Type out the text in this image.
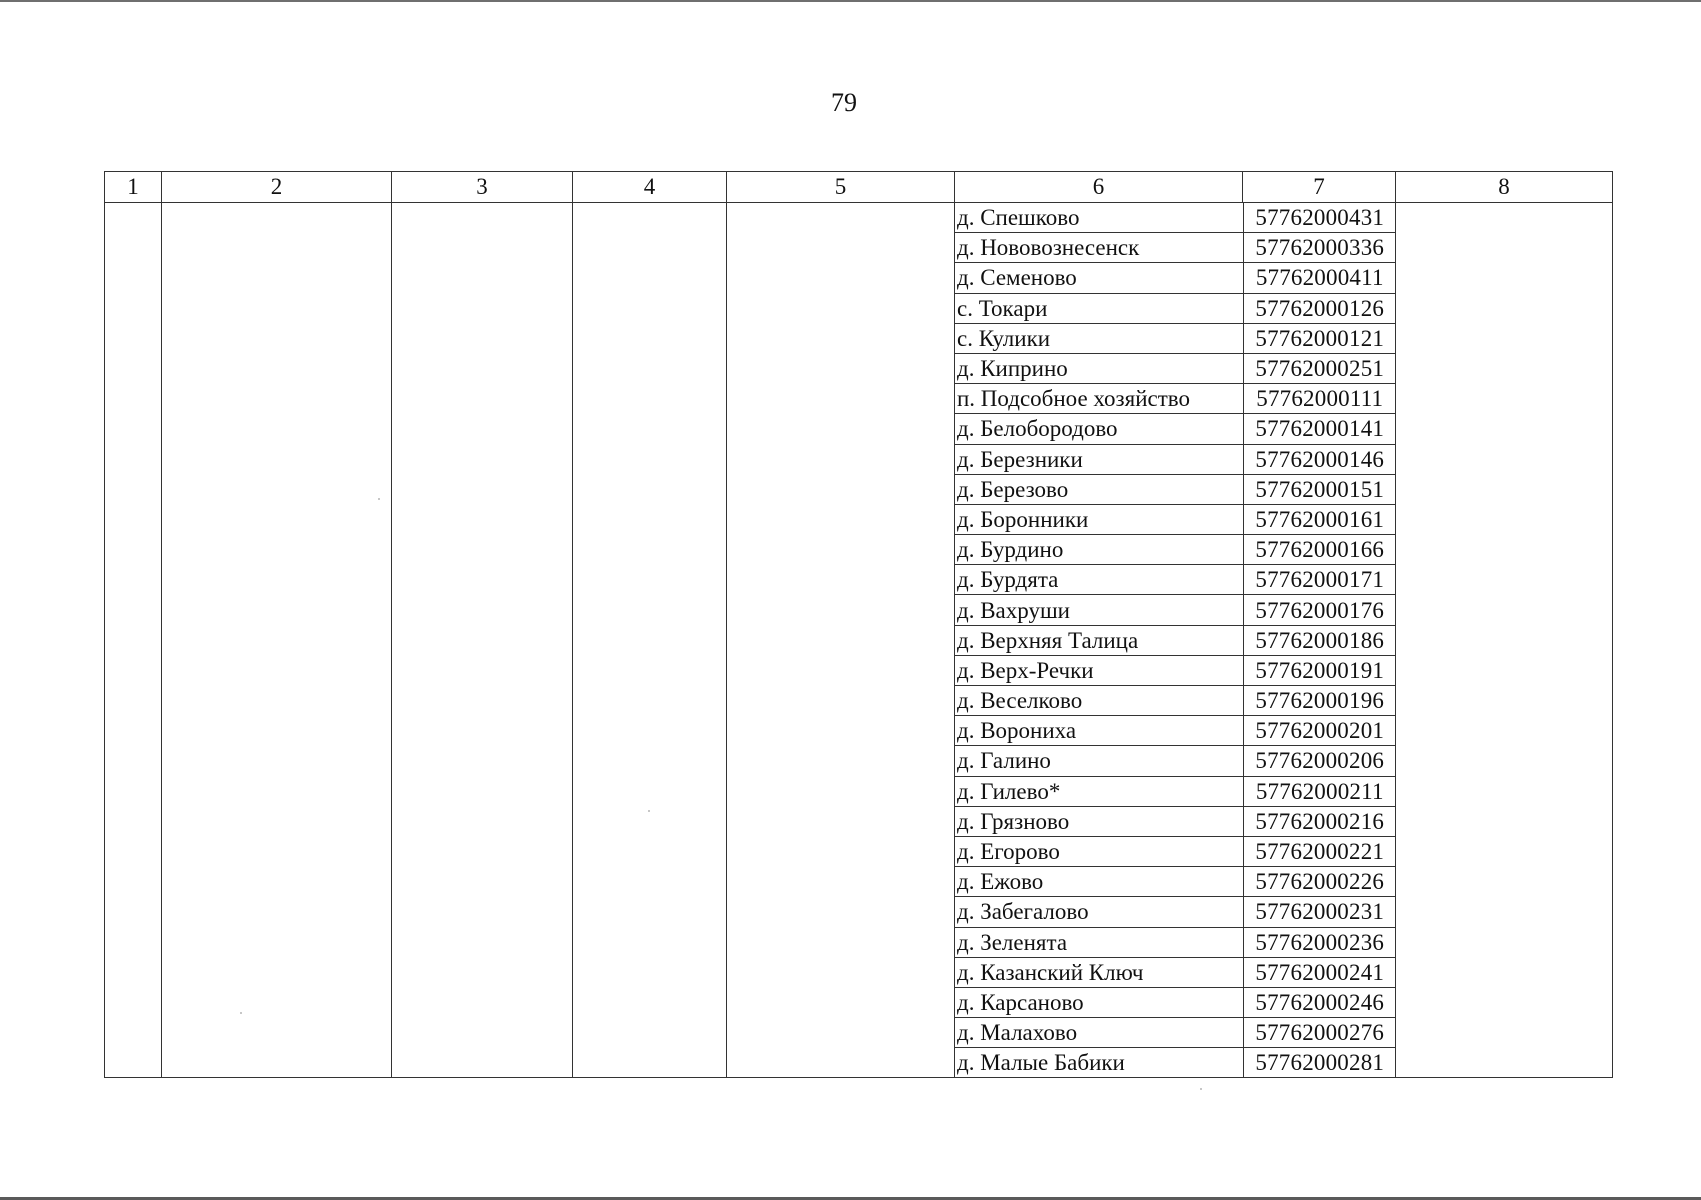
79
1	2	3	4	5	6	7	8

д. Спешково	57762000431
д. Нововознесенск	57762000336
д. Семеново	57762000411
с. Токари	57762000126
с. Кулики	57762000121
д. Киприно	57762000251
п. Подсобное хозяйство	57762000111
д. Белобородово	57762000141
д. Березники	57762000146
д. Березово	57762000151
д. Боронники	57762000161
д. Бурдино	57762000166
д. Бурдята	57762000171
д. Вахруши	57762000176
д. Верхняя Талица	57762000186
д. Верх-Речки	57762000191
д. Веселково	57762000196
д. Ворониха	57762000201
д. Галино	57762000206
д. Гилево*	57762000211
д. Грязново	57762000216
д. Егорово	57762000221
д. Ежово	57762000226
д. Забегалово	57762000231
д. Зеленята	57762000236
д. Казанский Ключ	57762000241
д. Карсаново	57762000246
д. Малахово	57762000276
д. Малые Бабики	57762000281
